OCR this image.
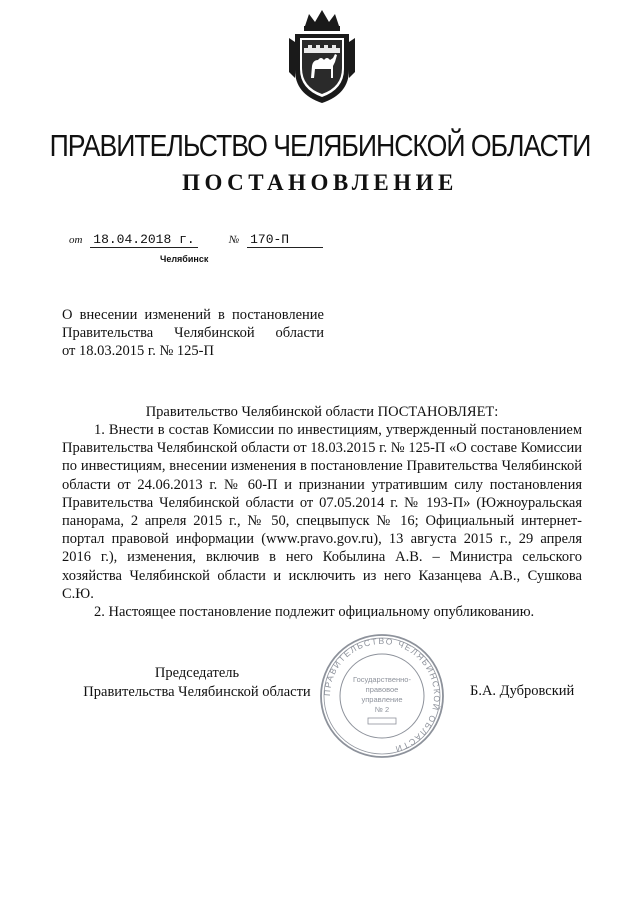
ПРАВИТЕЛЬСТВО ЧЕЛЯБИНСКОЙ ОБЛАСТИ
ПОСТАНОВЛЕНИЕ
от 18.04.2018 г.	№ 170-П
Челябинск
О внесении изменений в постановление
Правительства Челябинской области
от 18.03.2015 г. № 125-П
Правительство Челябинской области ПОСТАНОВЛЯЕТ:

1. Внести в состав Комиссии по инвестициям, утвержденный постановлением Правительства Челябинской области от 18.03.2015 г. № 125-П «О составе Комиссии по инвестициям, внесении изменения в постановление Правительства Челябинской области от 24.06.2013 г. № 60-П и признании утратившим силу постановления Правительства Челябинской области от 07.05.2014 г. № 193-П» (Южноуральская панорама, 2 апреля 2015 г., № 50, спецвыпуск № 16; Официальный интернет-портал правовой информации (www.pravo.gov.ru), 13 августа 2015 г., 29 апреля 2016 г.), изменения, включив в него Кобылина А.В. – Министра сельского хозяйства Челябинской области и исключить из него Казанцева А.В., Сушкова С.Ю.

2. Настоящее постановление подлежит официальному опубликованию.

Председатель
Правительства Челябинской области	Б.А. Дубровский
ПРАВИТЕЛЬСТВО ЧЕЛЯБИНСКОЙ ОБЛАСТИ
Государственно-
правовое
управление
№ 2
